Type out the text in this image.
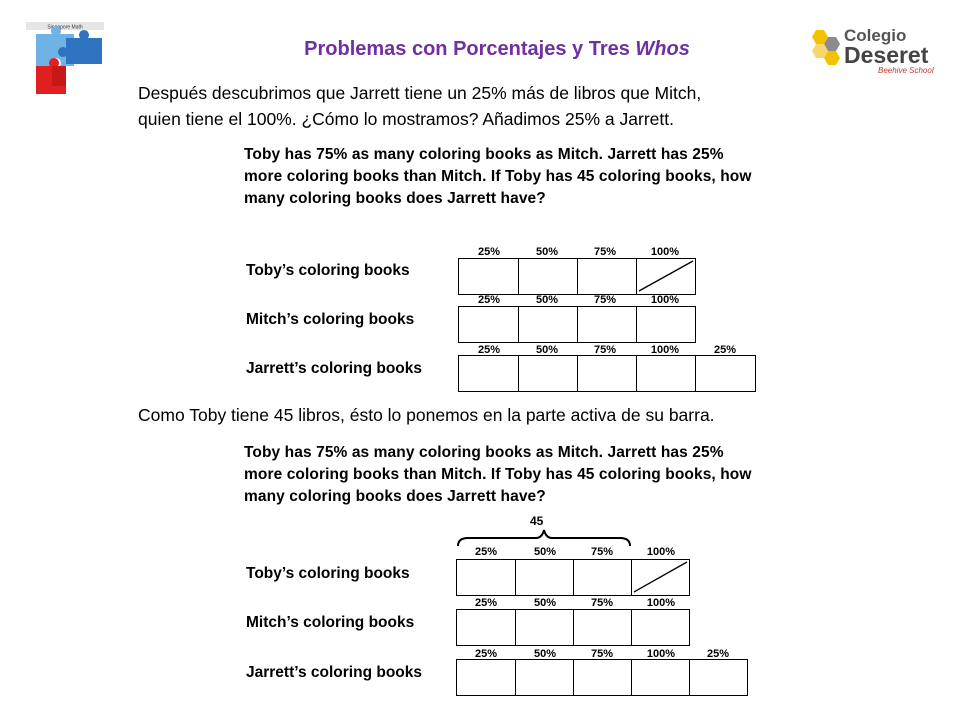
Singapore Math
Problemas con Porcentajes y Tres Whos
Colegio
Deseret
Beehive School
Después descubrimos que Jarrett tiene un 25% más de libros que Mitch,
quien tiene el 100%. ¿Cómo lo mostramos? Añadimos 25% a Jarrett.
Toby has 75% as many coloring books as Mitch. Jarrett has 25%
more coloring books than Mitch. If Toby has 45 coloring books, how
many coloring books does Jarrett have?
Toby’s coloring books
25%	50%	75%	100%
Mitch’s coloring books
25%	50%	75%	100%
Jarrett’s coloring books
25%	50%	75%	100%	25%
Como Toby tiene 45 libros, ésto lo ponemos en la parte activa de su barra.
Toby has 75% as many coloring books as Mitch. Jarrett has 25%
more coloring books than Mitch. If Toby has 45 coloring books, how
many coloring books does Jarrett have?
45
Toby’s coloring books
25%	50%	75%	100%
Mitch’s coloring books
25%	50%	75%	100%
Jarrett’s coloring books
25%	50%	75%	100%	25%
